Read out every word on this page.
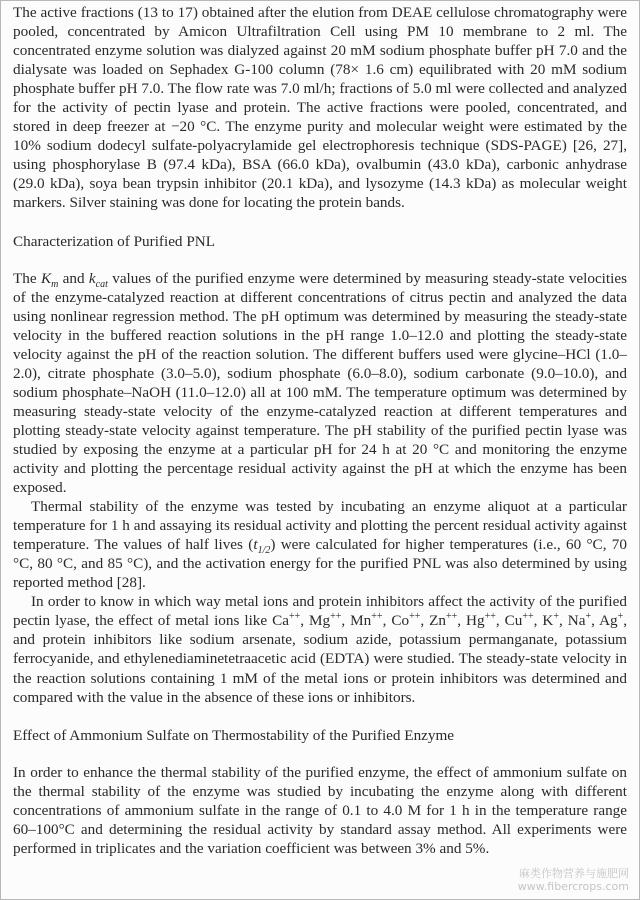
The active fractions (13 to 17) obtained after the elution from DEAE cellulose chromatography were pooled, concentrated by Amicon Ultrafiltration Cell using PM 10 membrane to 2 ml. The concentrated enzyme solution was dialyzed against 20 mM sodium phosphate buffer pH 7.0 and the dialysate was loaded on Sephadex G-100 column (78× 1.6 cm) equilibrated with 20 mM sodium phosphate buffer pH 7.0. The flow rate was 7.0 ml/h; fractions of 5.0 ml were collected and analyzed for the activity of pectin lyase and protein. The active fractions were pooled, concentrated, and stored in deep freezer at −20 °C. The enzyme purity and molecular weight were estimated by the 10% sodium dodecyl sulfate-polyacrylamide gel electrophoresis technique (SDS-PAGE) [26, 27], using phosphorylase B (97.4 kDa), BSA (66.0 kDa), ovalbumin (43.0 kDa), carbonic anhydrase (29.0 kDa), soya bean trypsin inhibitor (20.1 kDa), and lysozyme (14.3 kDa) as molecular weight markers. Silver staining was done for locating the protein bands.

Characterization of Purified PNL

The $K_m$ and $k_{cat}$ values of the purified enzyme were determined by measuring steady-state velocities of the enzyme-catalyzed reaction at different concentrations of citrus pectin and analyzed the data using nonlinear regression method. The pH optimum was determined by measuring the steady-state velocity in the buffered reaction solutions in the pH range 1.0–12.0 and plotting the steady-state velocity against the pH of the reaction solution. The different buffers used were glycine–HCl (1.0–2.0), citrate phosphate (3.0–5.0), sodium phosphate (6.0–8.0), sodium carbonate (9.0–10.0), and sodium phosphate–NaOH (11.0–12.0) all at 100 mM. The temperature optimum was determined by measuring steady-state velocity of the enzyme-catalyzed reaction at different temperatures and plotting steady-state velocity against temperature. The pH stability of the purified pectin lyase was studied by exposing the enzyme at a particular pH for 24 h at 20 °C and monitoring the enzyme activity and plotting the percentage residual activity against the pH at which the enzyme has been exposed.

Thermal stability of the enzyme was tested by incubating an enzyme aliquot at a particular temperature for 1 h and assaying its residual activity and plotting the percent residual activity against temperature. The values of half lives $(t_{1/2})$ were calculated for higher temperatures (i.e., 60 °C, 70 °C, 80 °C, and 85 °C), and the activation energy for the purified PNL was also determined by using reported method [28].

In order to know in which way metal ions and protein inhibitors affect the activity of the purified pectin lyase, the effect of metal ions like Ca++, Mg++, Mn++, Co++, Zn++, Hg++, Cu++, K+, Na+, Ag+, and protein inhibitors like sodium arsenate, sodium azide, potassium permanganate, potassium ferrocyanide, and ethylenediaminetetraacetic acid (EDTA) were studied. The steady-state velocity in the reaction solutions containing 1 mM of the metal ions or protein inhibitors was determined and compared with the value in the absence of these ions or inhibitors.

Effect of Ammonium Sulfate on Thermostability of the Purified Enzyme

In order to enhance the thermal stability of the purified enzyme, the effect of ammonium sulfate on the thermal stability of the enzyme was studied by incubating the enzyme along with different concentrations of ammonium sulfate in the range of 0.1 to 4.0 M for 1 h in the temperature range 60–100°C and determining the residual activity by standard assay method. All experiments were performed in triplicates and the variation coefficient was between 3% and 5%.

麻类作物营养与施肥网
www.fibercrops.com
